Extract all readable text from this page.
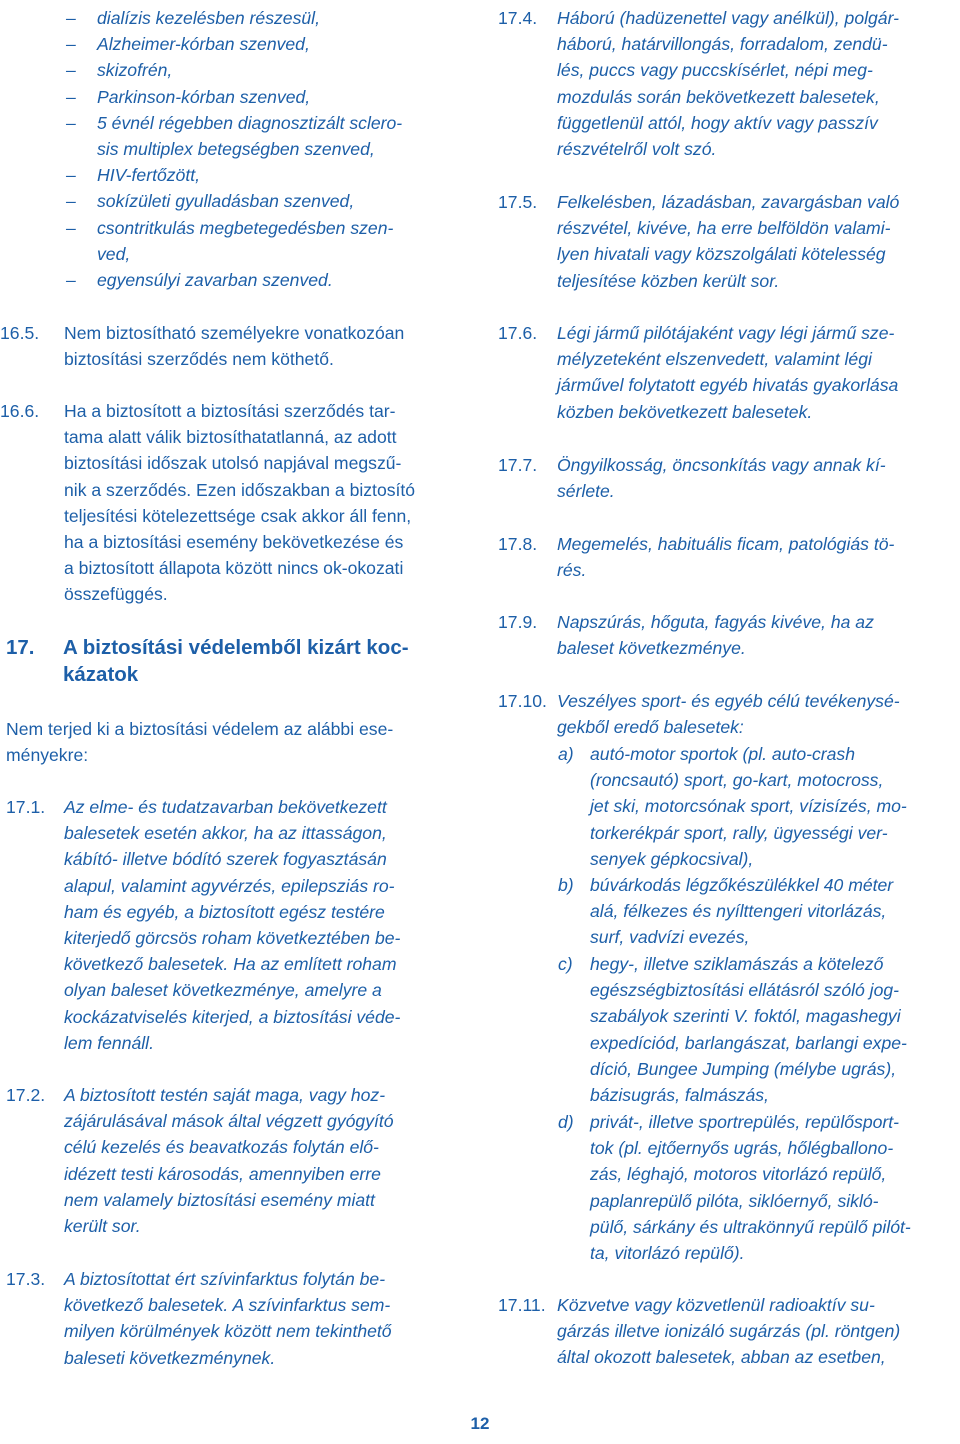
– dialízis kezelésben részesül,
– Alzheimer-kórban szenved,
– skizofrén,
– Parkinson-kórban szenved,
– 5 évnél régebben diagnosztizált sclero-
sis multiplex betegségben szenved,
– HIV-fertőzött,
– sokízületi gyulladásban szenved,
– csontritkulás megbetegedésben szen-
ved,
– egyensúlyi zavarban szenved.
16.5. Nem biztosítható személyekre vonatkozóan
biztosítási szerződés nem köthető.
16.6. Ha a biztosított a biztosítási szerződés tar-
tama alatt válik biztosíthatatlanná, az adott
biztosítási időszak utolsó napjával megszű-
nik a szerződés. Ezen időszakban a biztosító
teljesítési kötelezettsége csak akkor áll fenn,
ha a biztosítási esemény bekövetkezése és
a biztosított állapota között nincs ok-okozati
összefüggés.
17. A biztosítási védelemből kizárt koc-
kázatok
Nem terjed ki a biztosítási védelem az alábbi ese-
ményekre:
17.1. Az elme- és tudatzavarban bekövetkezett
balesetek esetén akkor, ha az ittasságon,
kábító- illetve bódító szerek fogyasztásán
alapul, valamint agyvérzés, epilepsziás ro-
ham és egyéb, a biztosított egész testére
kiterjedő görcsös roham következtében be-
következő balesetek. Ha az említett roham
olyan baleset következménye, amelyre a
kockázatviselés kiterjed, a biztosítási véde-
lem fennáll.
17.2. A biztosított testén saját maga, vagy hoz-
zájárulásával mások által végzett gyógyító
célú kezelés és beavatkozás folytán elő-
idézett testi károsodás, amennyiben erre
nem valamely biztosítási esemény miatt
került sor.
17.3. A biztosítottat ért szívinfarktus folytán be-
következő balesetek. A szívinfarktus sem-
milyen körülmények között nem tekinthető
baleseti következménynek.
17.4. Háború (hadüzenettel vagy anélkül), polgár-
háború, határvillongás, forradalom, zendü-
lés, puccs vagy puccskísérlet, népi meg-
mozdulás során bekövetkezett balesetek,
függetlenül attól, hogy aktív vagy passzív
részvételről volt szó.
17.5. Felkelésben, lázadásban, zavargásban való
részvétel, kivéve, ha erre belföldön valami-
lyen hivatali vagy közszolgálati kötelesség
teljesítése közben került sor.
17.6. Légi jármű pilótájaként vagy légi jármű sze-
mélyzeteként elszenvedett, valamint légi
járművel folytatott egyéb hivatás gyakorlása
közben bekövetkezett balesetek.
17.7. Öngyilkosság, öncsonkítás vagy annak kí-
sérlete.
17.8. Megemelés, habituális ficam, patológiás tö-
rés.
17.9. Napszúrás, hőguta, fagyás kivéve, ha az
baleset következménye.
17.10. Veszélyes sport- és egyéb célú tevékenysé-
gekből eredő balesetek:
a) autó-motor sportok (pl. auto-crash
(roncsautó) sport, go-kart, motocross,
jet ski, motorcsónak sport, vízisízés, mo-
torkerékpár sport, rally, ügyességi ver-
senyek gépkocsival),
b) búvárkodás légzőkészülékkel 40 méter
alá, félkezes és nyílttengeri vitorlázás,
surf, vadvízi evezés,
c) hegy-, illetve sziklamászás a kötelező
egészségbiztosítási ellátásról szóló jog-
szabályok szerinti V. foktól, magashegyi
expedíciód, barlangászat, barlangi expe-
díció, Bungee Jumping (mélybe ugrás),
bázisugrás, falmászás,
d) privát-, illetve sportrepülés, repülősport-
tok (pl. ejtőernyős ugrás, hőlégballono-
zás, léghajó, motoros vitorlázó repülő,
paplanrepülő pilóta, siklóernyő, sikló-
pülő, sárkány és ultrakönnyű repülő pilót-
ta, vitorlázó repülő).
17.11. Közvetve vagy közvetlenül radioaktív su-
gárzás illetve ionizáló sugárzás (pl. röntgen)
által okozott balesetek, abban az esetben,
12
